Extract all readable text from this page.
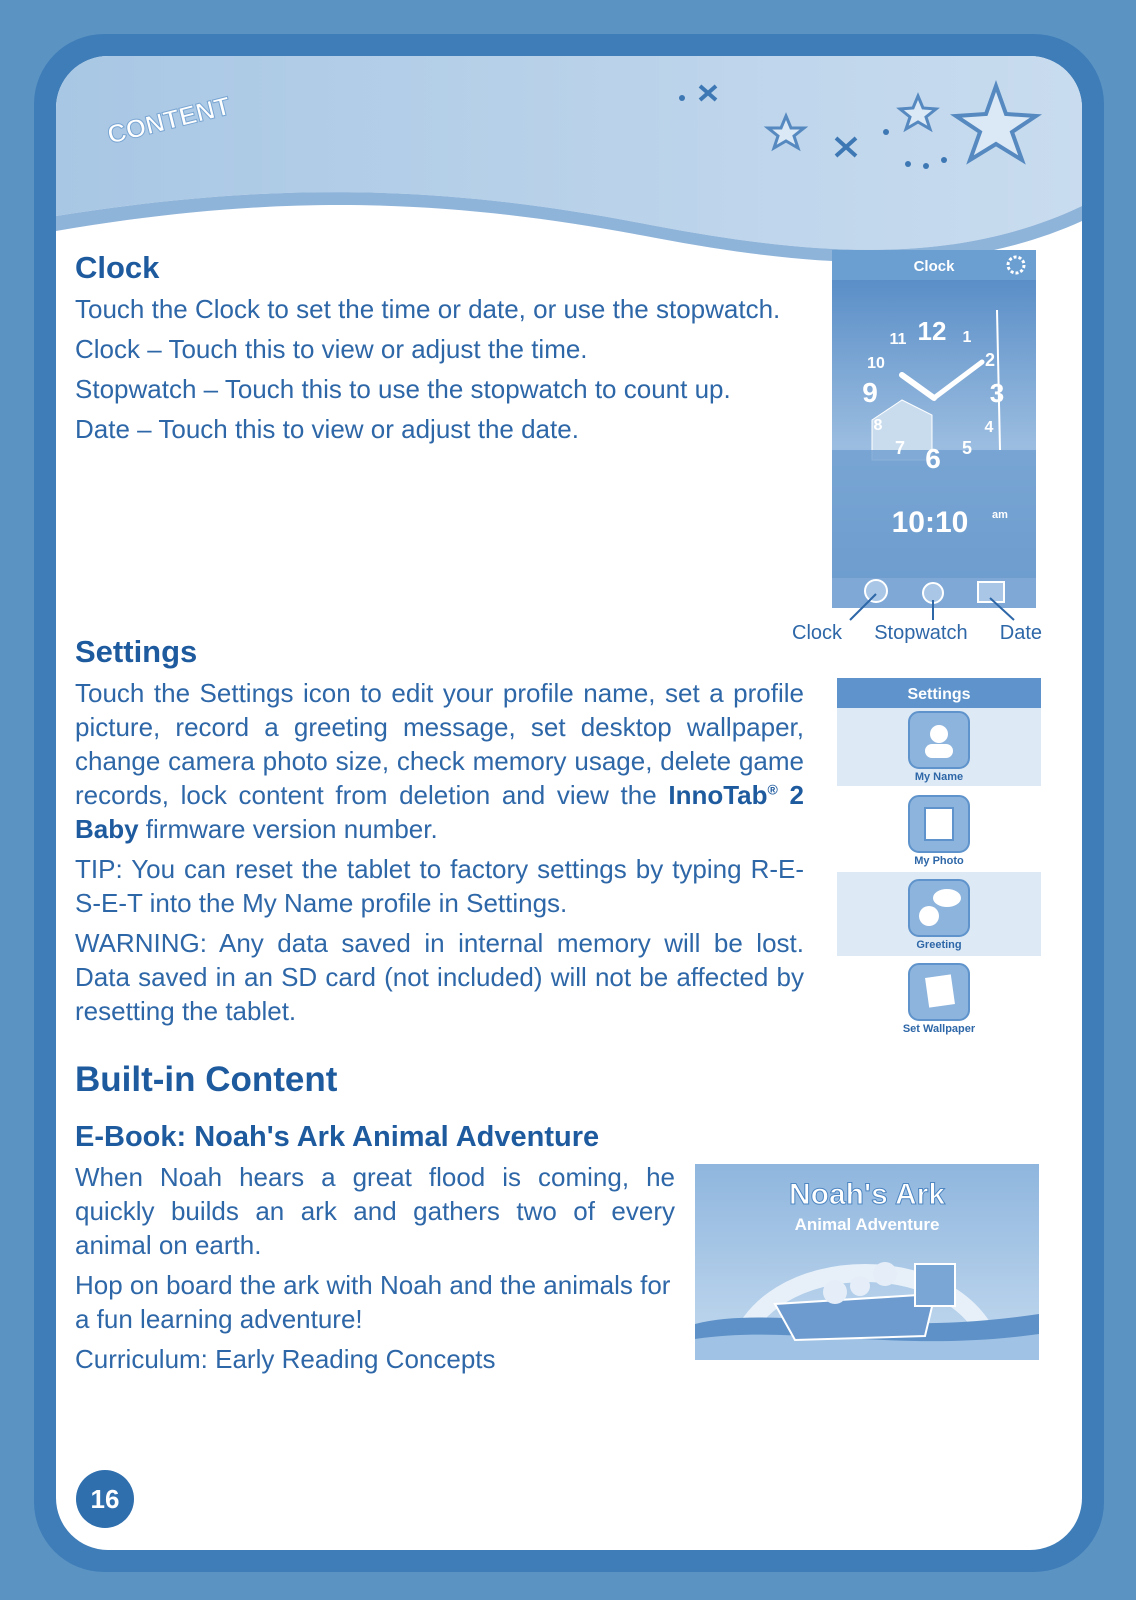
CONTENT
Clock

Touch the Clock to set the time or date, or use the stopwatch.

Clock – Touch this to view or adjust the time.

Stopwatch – Touch this to use the stopwatch to count up.

Date – Touch this to view or adjust the date.

Clock
12 1
2
3
4
5
6
7
8
9
10
11
10:10 am
Clock Stopwatch Date
Settings

Touch the Settings icon to edit your profile name, set a profile picture, record a greeting message, set desktop wallpaper, change camera photo size, check memory usage, delete game records, lock content from deletion and view the InnoTab® 2 Baby firmware version number.

TIP: You can reset the tablet to factory settings by typing R-E-S-E-T into the My Name profile in Settings.

WARNING: Any data saved in internal memory will be lost. Data saved in an SD card (not included) will not be affected by resetting the tablet.

Settings
My Name
My Photo
Greeting
Set Wallpaper
Built-in Content
E-Book: Noah's Ark Animal Adventure

When Noah hears a great flood is coming, he quickly builds an ark and gathers two of every animal on earth.

Hop on board the ark with Noah and the animals for a fun learning adventure!

Curriculum: Early Reading Concepts

Noah's Ark
Animal Adventure
16
